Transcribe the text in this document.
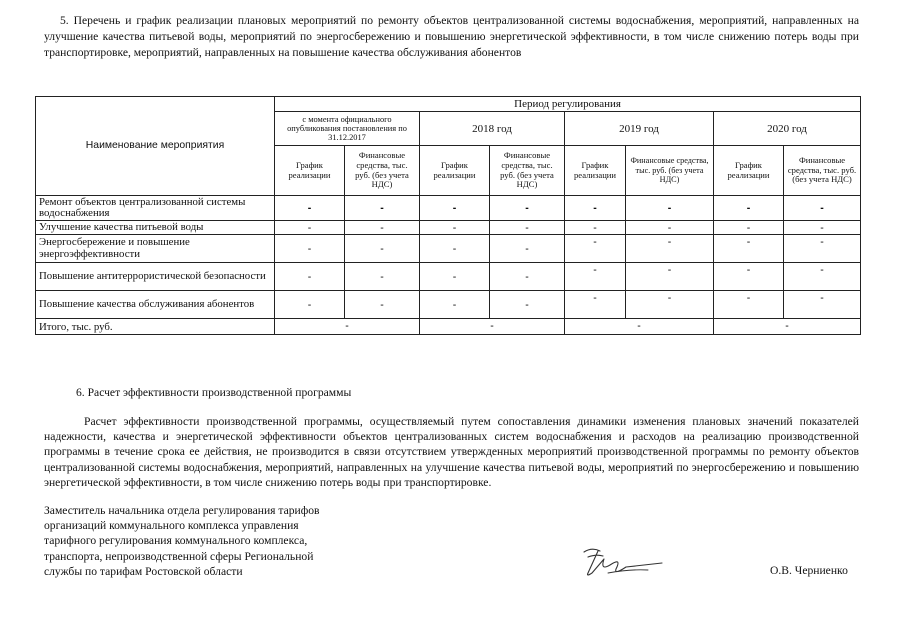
5. Перечень и график реализации плановых мероприятий по ремонту объектов централизованной системы водоснабжения, мероприятий, направленных на улучшение качества питьевой воды, мероприятий по энергосбережению и повышению энергетической эффективности, в том числе снижению потерь воды при транспортировке, мероприятий, направленных на повышение качества обслуживания абонентов
Наименование мероприятия	Период регулирования							
	с момента официального опубликования постановления по 31.12.2017		2018 год		2019 год		2020 год	
	График реализации	Финансовые средства, тыс. руб. (без учета НДС)	График реализации	Финансовые средства, тыс. руб. (без учета НДС)	График реализации	Финансовые средства, тыс. руб. (без учета НДС)	График реализации	Финансовые средства, тыс. руб. (без учета НДС)
Ремонт объектов централизованной системы водоснабжения	-	-	-	-	-	-	-	-
Улучшение качества питьевой воды	-	-	-	-	-	-	-	-
Энергосбережение и повышение энергоэффективности	-	-	-	-	-	-	-	-
Повышение антитеррористической безопасности	-	-	-	-	-	-	-	-
Повышение качества обслуживания абонентов	-	-	-	-	-	-	-	-
Итого, тыс. руб.	-		-		-		-	
6. Расчет эффективности производственной программы
Расчет эффективности производственной программы, осуществляемый путем сопоставления динамики изменения плановых значений показателей надежности, качества и энергетической эффективности объектов централизованных систем водоснабжения и расходов на реализацию производственной программы в течение срока ее действия, не производится в связи отсутствием утвержденных мероприятий производственной программы по ремонту объектов централизованной системы водоснабжения, мероприятий, направленных на улучшение качества питьевой воды, мероприятий по энергосбережению и повышению энергетической эффективности, в том числе снижению потерь воды при транспортировке.
Заместитель начальника отдела регулирования тарифов
организаций коммунального комплекса управления
тарифного регулирования коммунального комплекса,
транспорта, непроизводственной сферы Региональной
службы по тарифам Ростовской области	О.В. Черниенко
